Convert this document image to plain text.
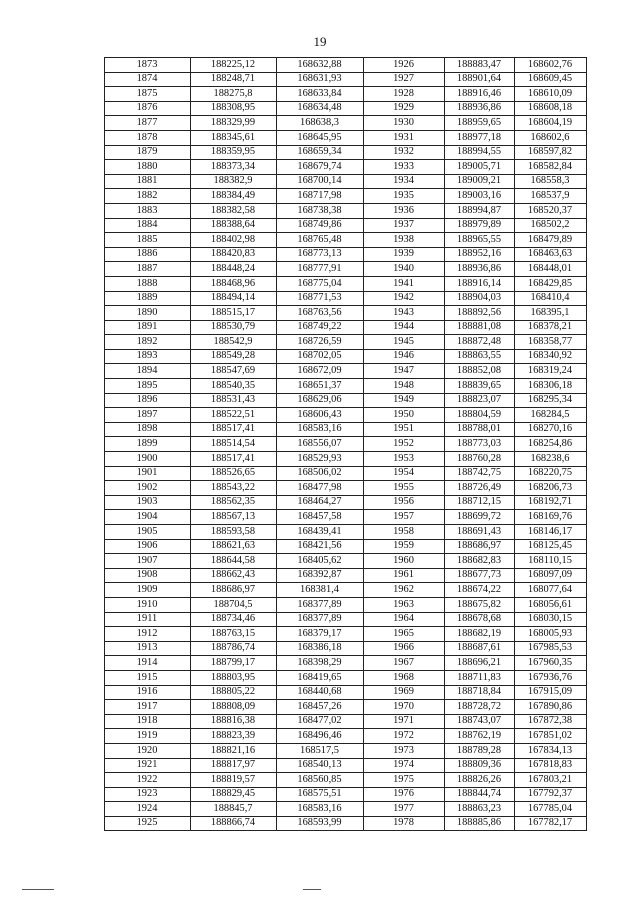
19
1873	188225,12	168632,88	1926	188883,47	168602,76
1874	188248,71	168631,93	1927	188901,64	168609,45
1875	188275,8	168633,84	1928	188916,46	168610,09
1876	188308,95	168634,48	1929	188936,86	168608,18
1877	188329,99	168638,3	1930	188959,65	168604,19
1878	188345,61	168645,95	1931	188977,18	168602,6
1879	188359,95	168659,34	1932	188994,55	168597,82
1880	188373,34	168679,74	1933	189005,71	168582,84
1881	188382,9	168700,14	1934	189009,21	168558,3
1882	188384,49	168717,98	1935	189003,16	168537,9
1883	188382,58	168738,38	1936	188994,87	168520,37
1884	188388,64	168749,86	1937	188979,89	168502,2
1885	188402,98	168765,48	1938	188965,55	168479,89
1886	188420,83	168773,13	1939	188952,16	168463,63
1887	188448,24	168777,91	1940	188936,86	168448,01
1888	188468,96	168775,04	1941	188916,14	168429,85
1889	188494,14	168771,53	1942	188904,03	168410,4
1890	188515,17	168763,56	1943	188892,56	168395,1
1891	188530,79	168749,22	1944	188881,08	168378,21
1892	188542,9	168726,59	1945	188872,48	168358,77
1893	188549,28	168702,05	1946	188863,55	168340,92
1894	188547,69	168672,09	1947	188852,08	168319,24
1895	188540,35	168651,37	1948	188839,65	168306,18
1896	188531,43	168629,06	1949	188823,07	168295,34
1897	188522,51	168606,43	1950	188804,59	168284,5
1898	188517,41	168583,16	1951	188788,01	168270,16
1899	188514,54	168556,07	1952	188773,03	168254,86
1900	188517,41	168529,93	1953	188760,28	168238,6
1901	188526,65	168506,02	1954	188742,75	168220,75
1902	188543,22	168477,98	1955	188726,49	168206,73
1903	188562,35	168464,27	1956	188712,15	168192,71
1904	188567,13	168457,58	1957	188699,72	168169,76
1905	188593,58	168439,41	1958	188691,43	168146,17
1906	188621,63	168421,56	1959	188686,97	168125,45
1907	188644,58	168405,62	1960	188682,83	168110,15
1908	188662,43	168392,87	1961	188677,73	168097,09
1909	188686,97	168381,4	1962	188674,22	168077,64
1910	188704,5	168377,89	1963	188675,82	168056,61
1911	188734,46	168377,89	1964	188678,68	168030,15
1912	188763,15	168379,17	1965	188682,19	168005,93
1913	188786,74	168386,18	1966	188687,61	167985,53
1914	188799,17	168398,29	1967	188696,21	167960,35
1915	188803,95	168419,65	1968	188711,83	167936,76
1916	188805,22	168440,68	1969	188718,84	167915,09
1917	188808,09	168457,26	1970	188728,72	167890,86
1918	188816,38	168477,02	1971	188743,07	167872,38
1919	188823,39	168496,46	1972	188762,19	167851,02
1920	188821,16	168517,5	1973	188789,28	167834,13
1921	188817,97	168540,13	1974	188809,36	167818,83
1922	188819,57	168560,85	1975	188826,26	167803,21
1923	188829,45	168575,51	1976	188844,74	167792,37
1924	188845,7	168583,16	1977	188863,23	167785,04
1925	188866,74	168593,99	1978	188885,86	167782,17
